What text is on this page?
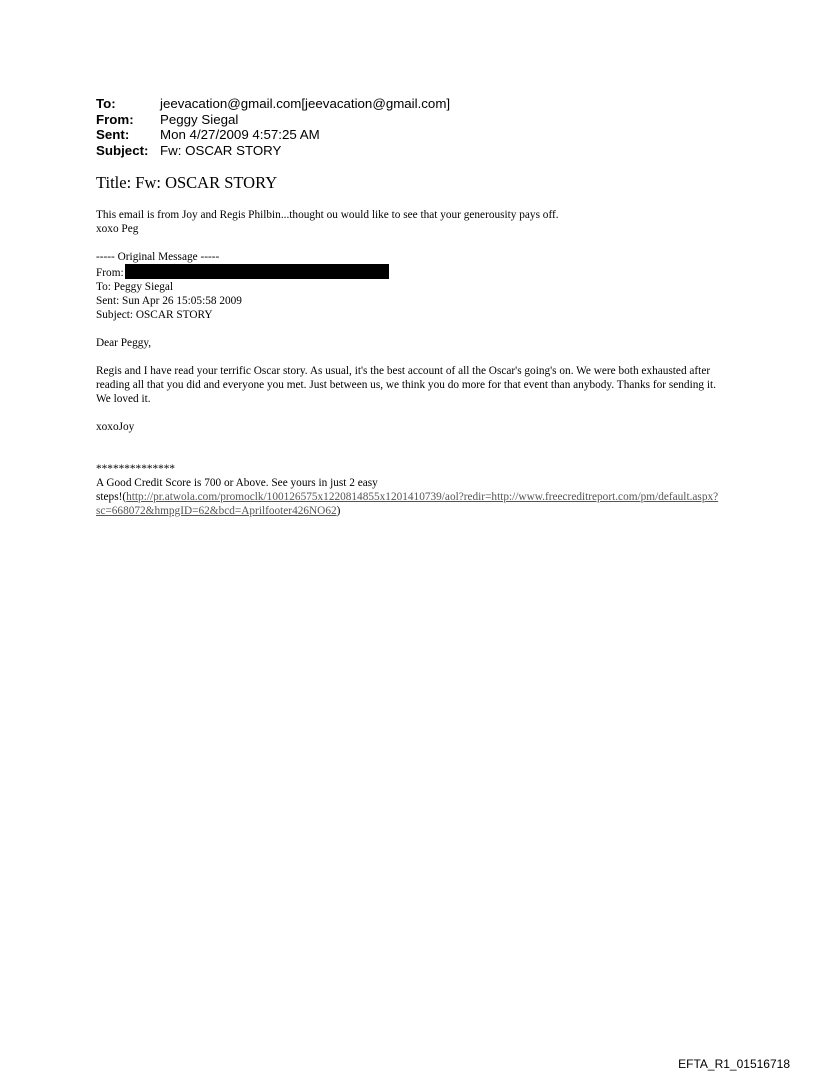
To:	jeevacation@gmail.com[jeevacation@gmail.com]
From:	Peggy Siegal
Sent:	Mon 4/27/2009 4:57:25 AM
Subject: Fw: OSCAR STORY
Title: Fw: OSCAR STORY

This email is from Joy and Regis Philbin...thought ou would like to see that your generousity pays off.

xoxo Peg

----- Original Message -----

From:

To: Peggy Siegal

Sent: Sun Apr 26 15:05:58 2009

Subject: OSCAR STORY

Dear Peggy,

Regis and I have read your terrific Oscar story. As usual, it's the best account of all the Oscar's going's on. We were both exhausted after reading all that you did and everyone you met. Just between us, we think you do more for that event than anybody. Thanks for sending it. We loved it.

xoxoJoy

**************

A Good Credit Score is 700 or Above. See yours in just 2 easy

steps!(http://pr.atwola.com/promoclk/100126575x1220814855x1201410739/aol?redir=http://www.freecreditreport.com/pm/default.aspx?sc=668072&hmpgID=62&bcd=Aprilfooter426NO62)

EFTA_R1_01516718
